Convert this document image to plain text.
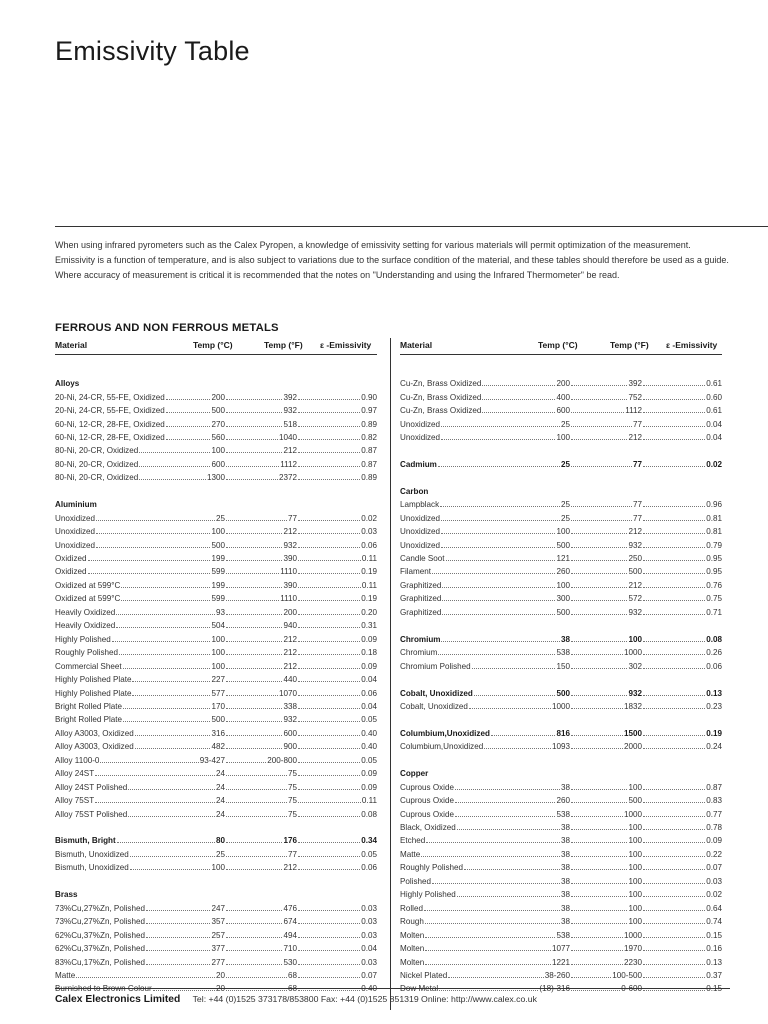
Emissivity Table

When using infrared pyrometers such as the Calex Pyropen, a knowledge of emissivity setting for various materials will permit optimization of the measurement.

Emissivity is a function of temperature, and is also subject to variations due to the surface condition of the material, and these tables should therefore be used as a guide.

Where accuracy of measurement is critical it is recommended that the notes on "Understanding and using the Infrared Thermometer" be read.

FERROUS AND NON FERROUS METALS
Material	Temp (°C)	Temp (°F) ε -Emissivity
Alloys
20-Ni, 24-CR, 55-FE, Oxidized	200	392	0.90
20-Ni, 24-CR, 55-FE, Oxidized	500	932	0.97
60-Ni, 12-CR, 28-FE, Oxidized	270	518	0.89
60-Ni, 12-CR, 28-FE, Oxidized	560	1040	0.82
80-Ni, 20-CR, Oxidized	100	212	0.87
80-Ni, 20-CR, Oxidized	600	1112	0.87
80-Ni, 20-CR, Oxidized	1300	2372	0.89
Aluminium
Unoxidized	25	77	0.02
Unoxidized	100	212	0.03
Unoxidized	500	932	0.06
Oxidized	199	390	0.11
Oxidized	599	1110	0.19
Oxidized at 599°C	199	390	0.11
Oxidized at 599°C	599	1110	0.19
Heavily Oxidized	93	200	0.20
Heavily Oxidized	504	940	0.31
Highly Polished	100	212	0.09
Roughly Polished	100	212	0.18
Commercial Sheet	100	212	0.09
Highly Polished Plate	227	440	0.04
Highly Polished Plate	577	1070	0.06
Bright Rolled Plate	170	338	0.04
Bright Rolled Plate	500	932	0.05
Alloy A3003, Oxidized	316	600	0.40
Alloy A3003, Oxidized	482	900	0.40
Alloy 1100-0	93-427	200-800	0.05
Alloy 24ST	24	75	0.09
Alloy 24ST Polished	24	75	0.09
Alloy 75ST	24	75	0.11
Alloy 75ST Polished	24	75	0.08
Bismuth, Bright	80	176	0.34
Bismuth, Unoxidized	25	77	0.05
Bismuth, Unoxidized	100	212	0.06
Brass
73%Cu,27%Zn, Polished	247	476	0.03
73%Cu,27%Zn, Polished	357	674	0.03
62%Cu,37%Zn, Polished	257	494	0.03
62%Cu,37%Zn, Polished	377	710	0.04
83%Cu,17%Zn, Polished	277	530	0.03
Matte	20	68	0.07
Burnished to Brown Colour	20	68	0.40
Material	Temp (°C)	Temp (°F) ε -Emissivity
Cu-Zn, Brass Oxidized	200	392	0.61
Cu-Zn, Brass Oxidized	400	752	0.60
Cu-Zn, Brass Oxidized	600	1112	0.61
Unoxidized	25	77	0.04
Unoxidized	100	212	0.04
Cadmium	25	77	0.02
Carbon
Lampblack	25	77	0.96
Unoxidized	25	77	0.81
Unoxidized	100	212	0.81
Unoxidized	500	932	0.79
Candle Soot	121	250	0.95
Filament	260	500	0.95
Graphitized	100	212	0.76
Graphitized	300	572	0.75
Graphitized	500	932	0.71
Chromium	38	100	0.08
Chromium	538	1000	0.26
Chromium Polished	150	302	0.06
Cobalt, Unoxidized	500	932	0.13
Cobalt, Unoxidized	1000	1832	0.23
Columbium,Unoxidized	816	1500	0.19
Columbium,Unoxidized	1093	2000	0.24
Copper
Cuprous Oxide	38	100	0.87
Cuprous Oxide	260	500	0.83
Cuprous Oxide	538	1000	0.77
Black, Oxidized	38	100	0.78
Etched	38	100	0.09
Matte	38	100	0.22
Roughly Polished	38	100	0.07
Polished	38	100	0.03
Highly Polished	38	100	0.02
Rolled	38	100	0.64
Rough	38	100	0.74
Molten	538	1000	0.15
Molten	1077	1970	0.16
Molten	1221	2230	0.13
Nickel Plated	38-260	100-500	0.37
Dow Metal	(18)-316	0-600	0.15
Calex Electronics Limited Tel: +44 (0)1525 373178/853800 Fax: +44 (0)1525 851319 Online: http://www.calex.co.uk
